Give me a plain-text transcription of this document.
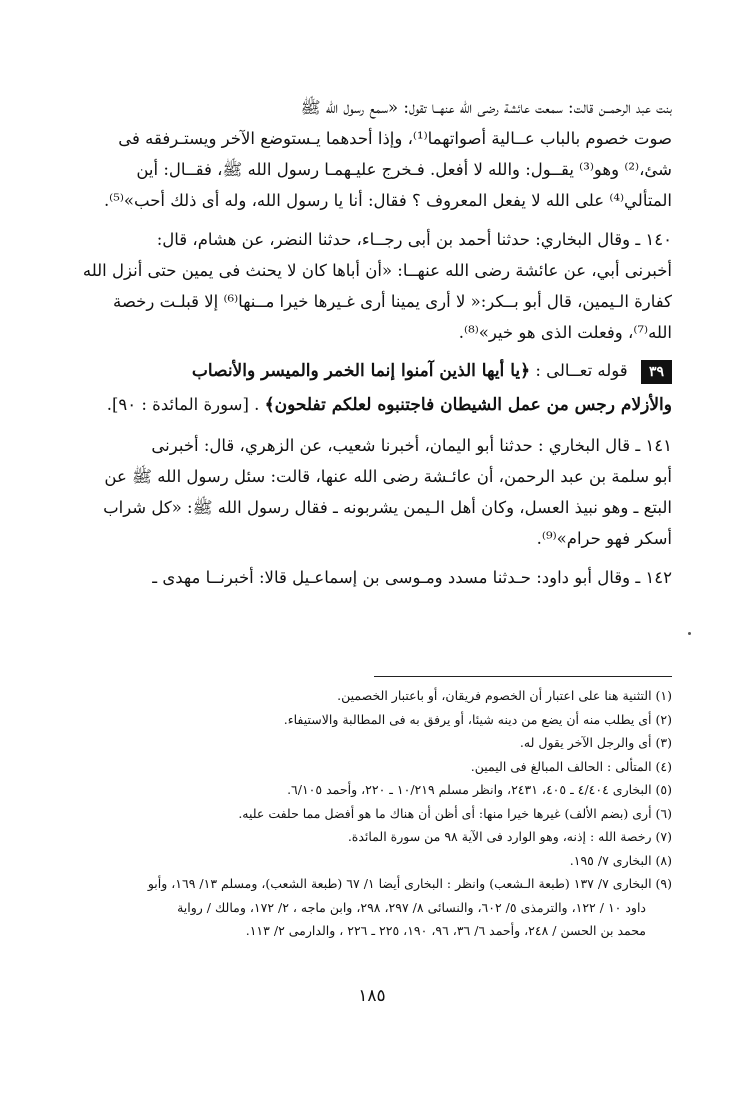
بنت عبد الرحمــن قالت: سمعت عائشة رضى الله عنهــا تقول: «سمع رسول الله ﷺ

صوت خصوم بالباب عــالية أصواتهما⁽¹⁾، وإذا أحدهما يـستوضع الآخر ويستـرفقه فى

شئ،⁽²⁾ وهو⁽³⁾ يقــول: والله لا أفعل. فـخرج عليـهمـا رسول الله ﷺ، فقــال: أين

المتألي⁽⁴⁾ على الله لا يفعل المعروف ؟ فقال: أنا يا رسول الله، وله أى ذلك أحب»⁽⁵⁾.

١٤٠ ـ وقال البخاري: حدثنا أحمد بن أبى رجــاء، حدثنا النضر، عن هشام، قال:

أخبرنى أبي، عن عائشة رضى الله عنهــا: «أن أباها كان لا يحنث فى يمين حتى أنزل الله

كفارة الـيمين، قال أبو بــكر:« لا أرى يمينا أرى غـيرها خيرا مــنها⁽⁶⁾ إلا قبلـت رخصة

الله⁽⁷⁾، وفعلت الذى هو خير»⁽⁸⁾.

٣٩ قوله تعــالى : ﴿يا أيها الذين آمنوا إنما الخمر والميسر والأنصاب

والأزلام رجس من عمل الشيطان فاجتنبوه لعلكم تفلحون﴾ . [سورة المائدة : ٩٠].

١٤١ ـ قال البخاري : حدثنا أبو اليمان، أخبرنا شعيب، عن الزهري، قال: أخبرنى

أبو سلمة بن عبد الرحمن، أن عائـشة رضى الله عنها، قالت: سئل رسول الله ﷺ عن

البتع ـ وهو نبيذ العسل، وكان أهل الـيمن يشربونه ـ فقال رسول الله ﷺ: «كل شراب

أسكر فهو حرام»⁽⁹⁾.

١٤٢ ـ وقال أبو داود: حـدثنا مسدد ومـوسى بن إسماعـيل قالا: أخبرنــا مهدى ـ

(١) التثنية هنا على اعتبار أن الخصوم فريقان، أو باعتبار الخصمين.

(٢) أى يطلب منه أن يضع من دينه شيئا، أو يرفق به فى المطالبة والاستيفاء.

(٣) أى والرجل الآخر يقول له.

(٤) المتألى : الحالف المبالغ فى اليمين.

(٥) البخارى ٤/٤٠٤ ـ ٤٠٥، ٢٤٣١، وانظر مسلم ١٠/٢١٩ ـ ٢٢٠، وأحمد ٦/١٠٥.

(٦) أرى (بضم الألف) غيرها خيرا منها: أى أظن أن هناك ما هو أفضل مما حلفت عليه.

(٧) رخصة الله : إذنه، وهو الوارد فى الآية ٩٨ من سورة المائدة.

(٨) البخارى ٧/ ١٩٥.

(٩) البخارى ٧/ ١٣٧ (طبعة الـشعب) وانظر : البخارى أيضا ١/ ٦٧ (طبعة الشعب)، ومسلم ١٣/ ١٦٩، وأبو

داود ١٠ / ١٢٢، والترمذى ٥/ ٦٠٢، والنسائى ٨/ ٢٩٧، ٢٩٨، وابن ماجه ، ٢/ ١٧٢، ومالك / رواية

محمد بن الحسن / ٢٤٨، وأحمد ٦/ ٣٦، ٩٦، ١٩٠، ٢٢٥ ـ ٢٢٦ ، والدارمى ٢/ ١١٣.

١٨٥
